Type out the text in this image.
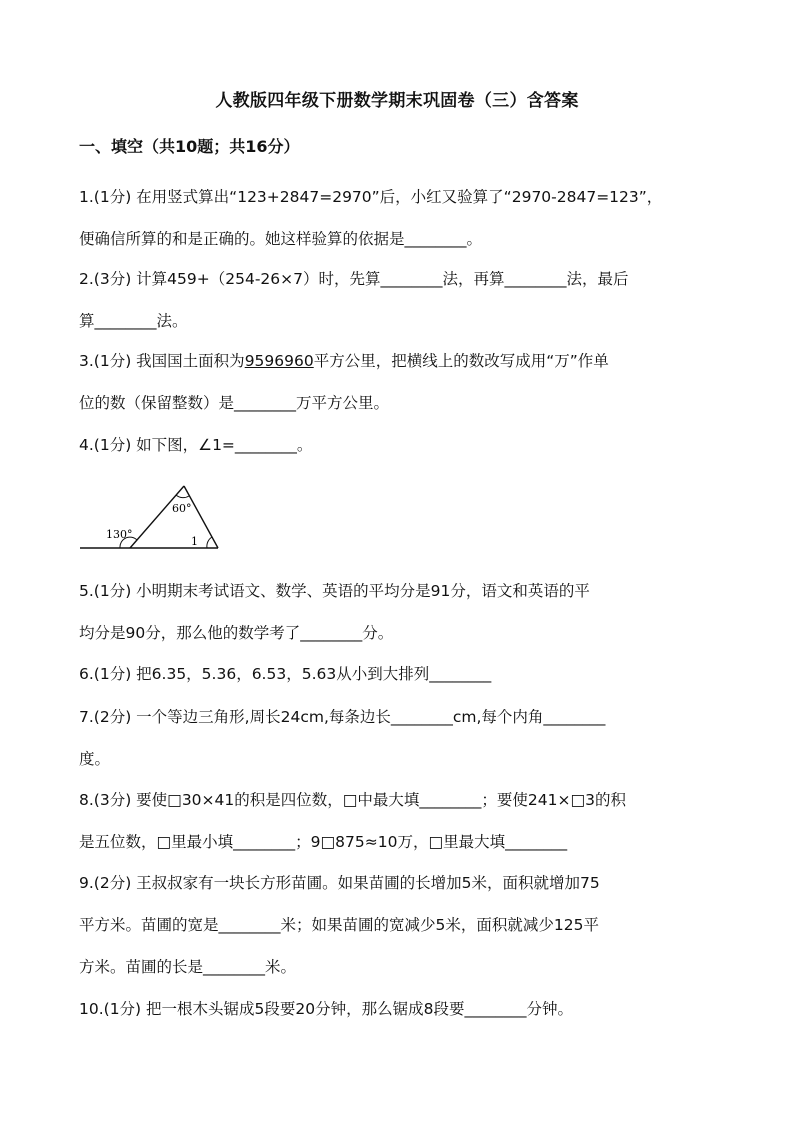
人教版四年级下册数学期末巩固卷（三）含答案
一、填空（共10题；共16分）
1.(1分) 在用竖式算出“123+2847=2970”后，小红又验算了“2970-2847=123”，
便确信所算的和是正确的。她这样验算的依据是________。
2.(3分) 计算459+（254-26×7）时，先算________法，再算________法，最后
算________法。
3.(1分) 我国国土面积为9596960平方公里，把横线上的数改写成用“万”作单
位的数（保留整数）是________万平方公里。
4.(1分) 如下图，∠1=________。
130°
60°
1
5.(1分) 小明期末考试语文、数学、英语的平均分是91分，语文和英语的平
均分是90分，那么他的数学考了________分。
6.(1分) 把6.35，5.36，6.53，5.63从小到大排列________
7.(2分) 一个等边三角形,周长24cm,每条边长________cm,每个内角________
度。
8.(3分) 要使□30×41的积是四位数，□中最大填________；要使241×□3的积
是五位数，□里最小填________；9□875≈10万，□里最大填________
9.(2分) 王叔叔家有一块长方形苗圃。如果苗圃的长增加5米，面积就增加75
平方米。苗圃的宽是________米；如果苗圃的宽减少5米，面积就减少125平
方米。苗圃的长是________米。
10.(1分) 把一根木头锯成5段要20分钟，那么锯成8段要________分钟。
